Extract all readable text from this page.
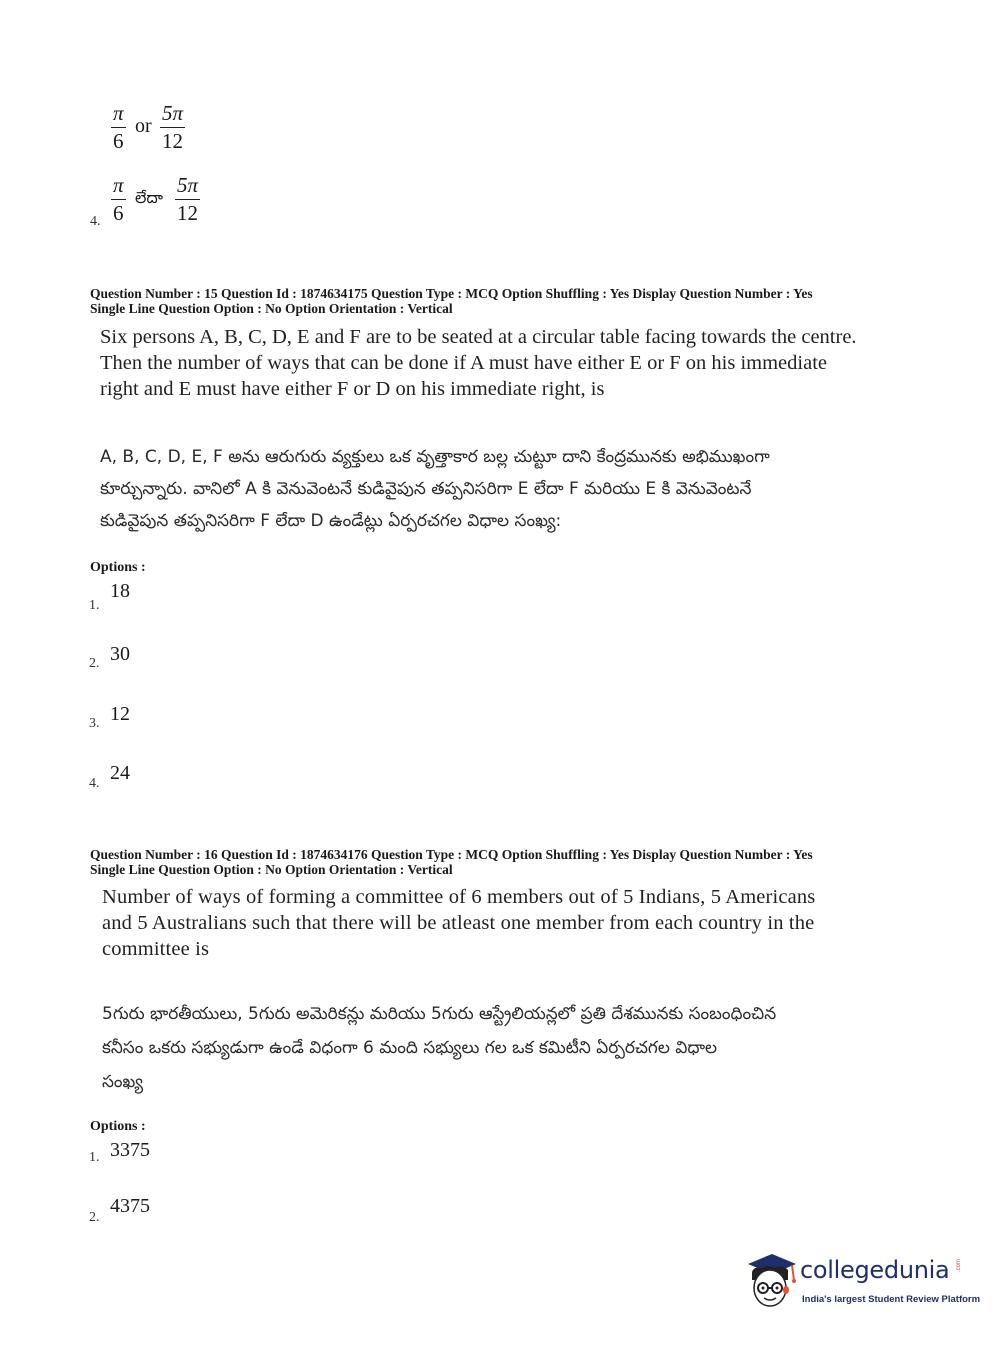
$\frac{\pi}{6}$ or $\frac{5\pi}{12}$
$\frac{\pi}{6}$ లేదా $\frac{5\pi}{12}$
4.
Question Number : 15 Question Id : 1874634175 Question Type : MCQ Option Shuffling : Yes Display Question Number : Yes
Single Line Question Option : No Option Orientation : Vertical
Six persons A, B, C, D, E and F are to be seated at a circular table facing towards the centre.
Then the number of ways that can be done if A must have either E or F on his immediate
right and E must have either F or D on his immediate right, is
A, B, C, D, E, F అను ఆరుగురు వ్యక్తులు ఒక వృత్తాకార బల్ల చుట్టూ దాని కేంద్రమునకు అభిముఖంగా
కూర్చున్నారు. వానిలో A కి వెనువెంటనే కుడివైపున తప్పనిసరిగా E లేదా F మరియు E కి వెనువెంటనే
కుడివైపున తప్పనిసరిగా F లేదా D ఉండేట్లు ఏర్పరచగల విధాల సంఖ్య:
Options :
1.
18
2. 30
3. 12
4. 24
Question Number : 16 Question Id : 1874634176 Question Type : MCQ Option Shuffling : Yes Display Question Number : Yes
Single Line Question Option : No Option Orientation : Vertical
Number of ways of forming a committee of 6 members out of 5 Indians, 5 Americans
and 5 Australians such that there will be atleast one member from each country in the
committee is
5గురు భారతీయులు, 5గురు అమెరికన్లు మరియు 5గురు ఆస్ట్రేలియన్లలో ప్రతి దేశమునకు సంబంధించిన
కనీసం ఒకరు సభ్యుడుగా ఉండే విధంగా 6 మంది సభ్యులు గల ఒక కమిటీని ఏర్పరచగల విధాల
సంఖ్య
Options :
1. 3375
2.
4375
collegedunia .com
India's largest Student Review Platform
